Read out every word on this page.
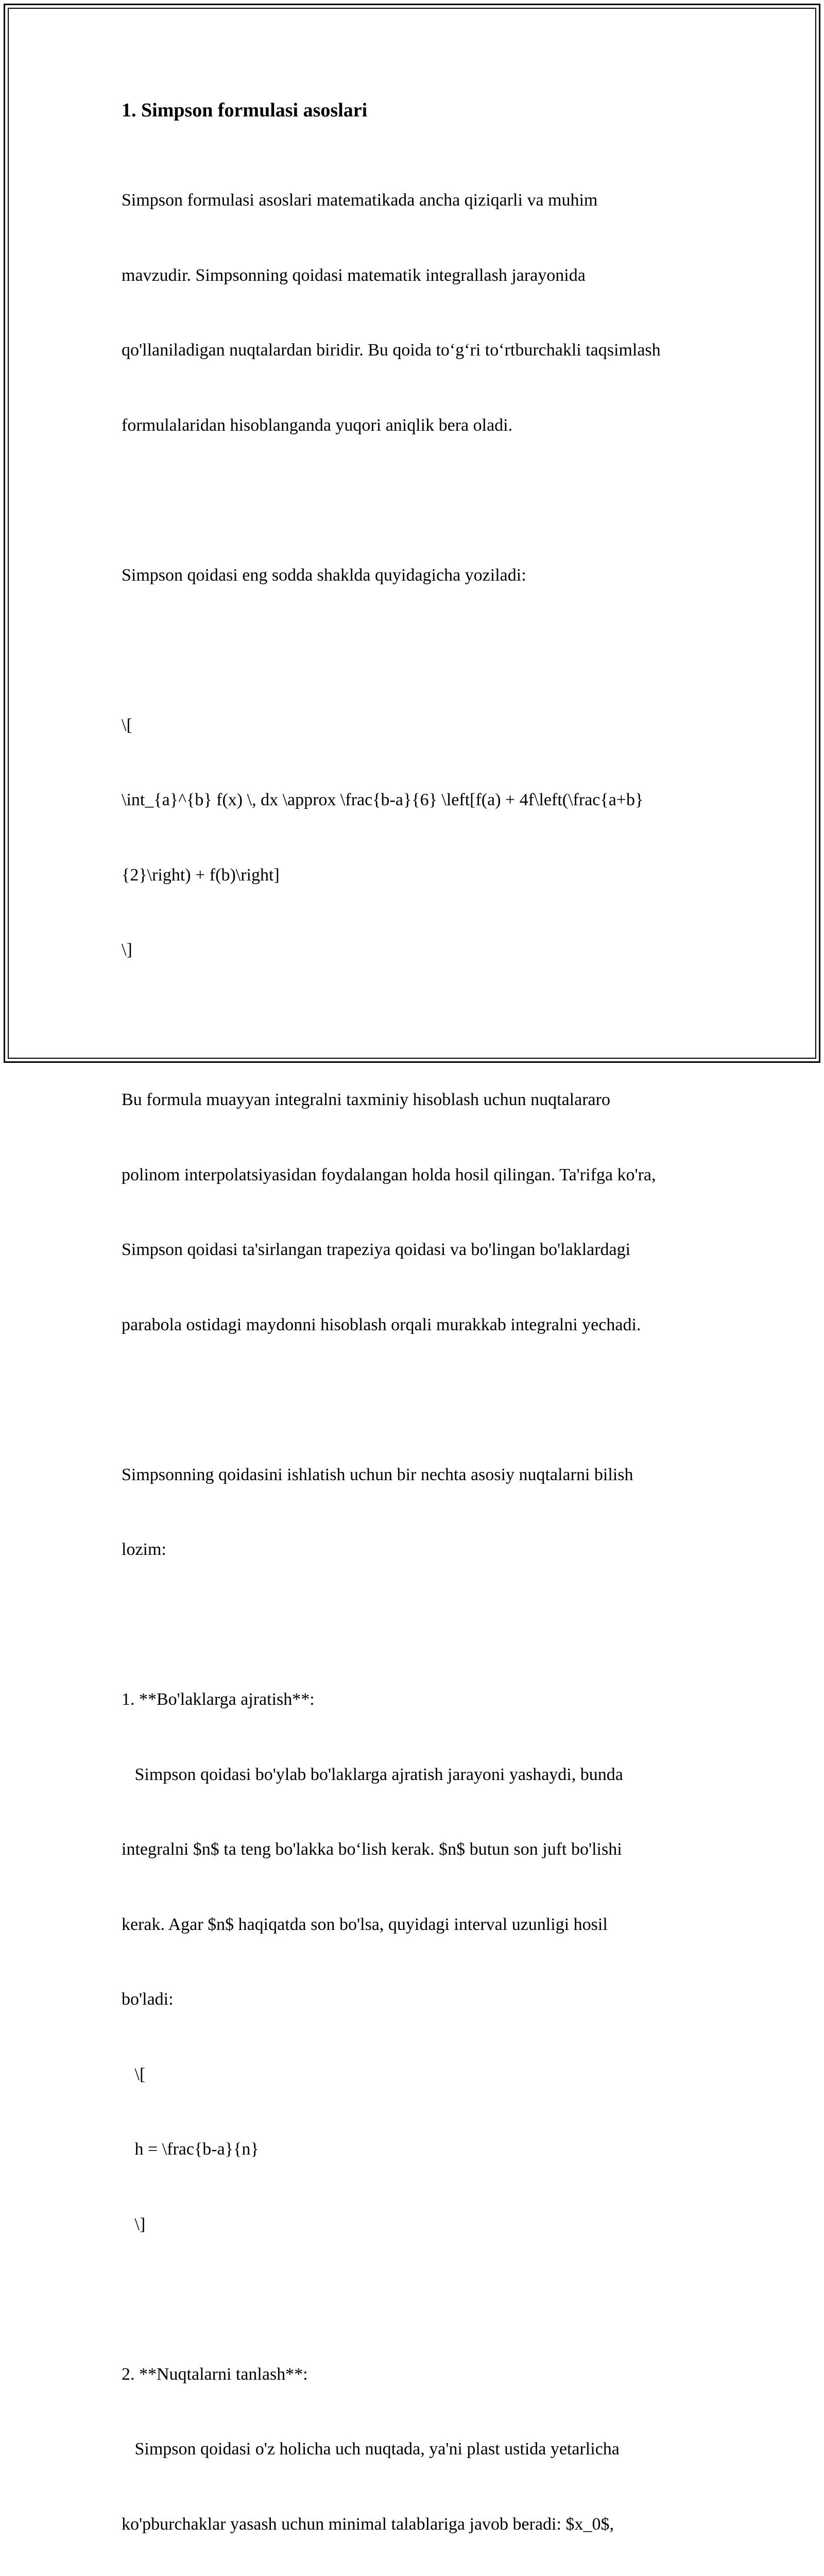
1. Simpson formulasi asoslari

Simpson formulasi asoslari matematikada ancha qiziqarli va muhim

mavzudir. Simpsonning qoidasi matematik integrallash jarayonida

qo'llaniladigan nuqtalardan biridir. Bu qoida to‘g‘ri to‘rtburchakli taqsimlash

formulalaridan hisoblanganda yuqori aniqlik bera oladi.

Simpson qoidasi eng sodda shaklda quyidagicha yoziladi:

\[

\int_{a}^{b} f(x) \, dx \approx \frac{b-a}{6} \left[f(a) + 4f\left(\frac{a+b}

{2}\right) + f(b)\right]

\]

Bu formula muayyan integralni taxminiy hisoblash uchun nuqtalararo

polinom interpolatsiyasidan foydalangan holda hosil qilingan. Ta'rifga ko'ra,

Simpson qoidasi ta'sirlangan trapeziya qoidasi va bo'lingan bo'laklardagi

parabola ostidagi maydonni hisoblash orqali murakkab integralni yechadi.

Simpsonning qoidasini ishlatish uchun bir nechta asosiy nuqtalarni bilish

lozim:

1. **Bo'laklarga ajratish**:

Simpson qoidasi bo'ylab bo'laklarga ajratish jarayoni yashaydi, bunda

integralni $n$ ta teng bo'lakka bo‘lish kerak. $n$ butun son juft bo'lishi

kerak. Agar $n$ haqiqatda son bo'lsa, quyidagi interval uzunligi hosil

bo'ladi:

\[

h = \frac{b-a}{n}

\]

2. **Nuqtalarni tanlash**:

Simpson qoidasi o'z holicha uch nuqtada, ya'ni plast ustida yetarlicha

ko'pburchaklar yasash uchun minimal talablariga javob beradi: $x_0$,
